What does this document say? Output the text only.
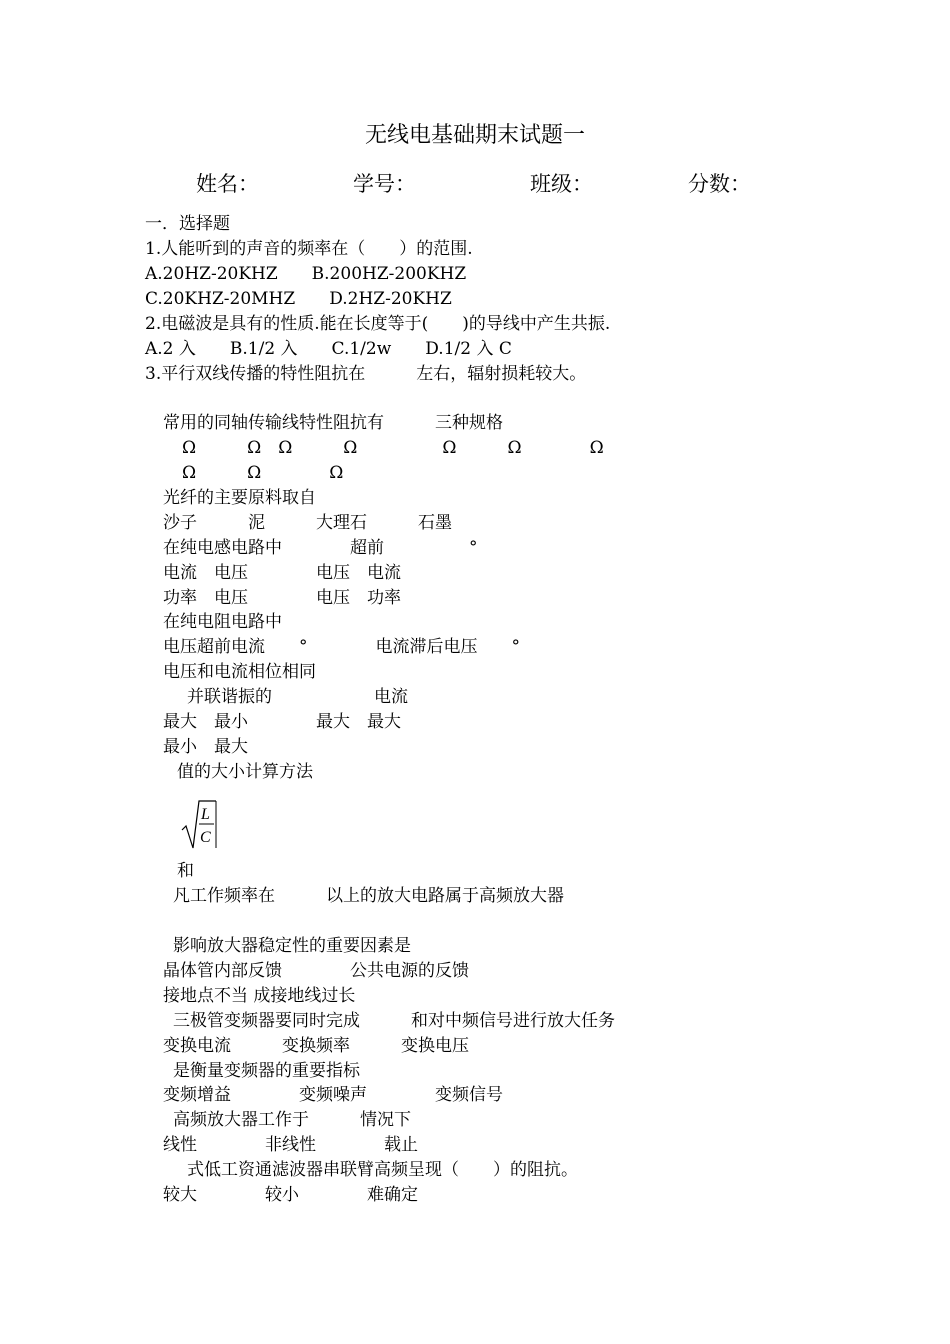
无线电基础期末试题一
姓名：	学号：	班级：	分数：
一．选择题
1.人能听到的声音的频率在（　　）的范围.
A.20HZ-20KHZ　　B.200HZ-200KHZ
C.20KHZ-20MHZ　　D.2HZ-20KHZ
2.电磁波是具有的性质.能在长度等于(　　)的导线中产生共振.
A.2 入　　B.1/2 入　　C.1/2w　　D.1/2 入 C
3.平行双线传播的特性阻抗在　　　左右，辐射损耗较大。
常用的同轴传输线特性阻抗有　　　三种规格
Ω　　　Ω　Ω　　　Ω　　　　　Ω　　　Ω　　　　Ω
Ω　　　Ω　　　　Ω
光纤的主要原料取自
沙子　　　泥　　　大理石　　　石墨
在纯电感电路中　　　　超前　　　　　°
电流　电压　　　　电压　电流
功率　电压　　　　电压　功率
在纯电阻电路中
电压超前电流　　°　　　　电流滞后电压　　°
电压和电流相位相同
并联谐振的　　　　　　电流
最大　最小　　　　最大　最大
最小　最大
值的大小计算方法
L
C
和
凡工作频率在　　　以上的放大电路属于高频放大器
影响放大器稳定性的重要因素是
晶体管内部反馈　　　　公共电源的反馈
接地点不当 成接地线过长
三极管变频器要同时完成　　　和对中频信号进行放大任务
变换电流　　　变换频率　　　变换电压
是衡量变频器的重要指标
变频增益　　　　变频噪声　　　　变频信号
高频放大器工作于　　　情况下
线性　　　　非线性　　　　载止
式低工资通滤波器串联臂高频呈现（　　）的阻抗。
较大　　　　较小　　　　难确定
